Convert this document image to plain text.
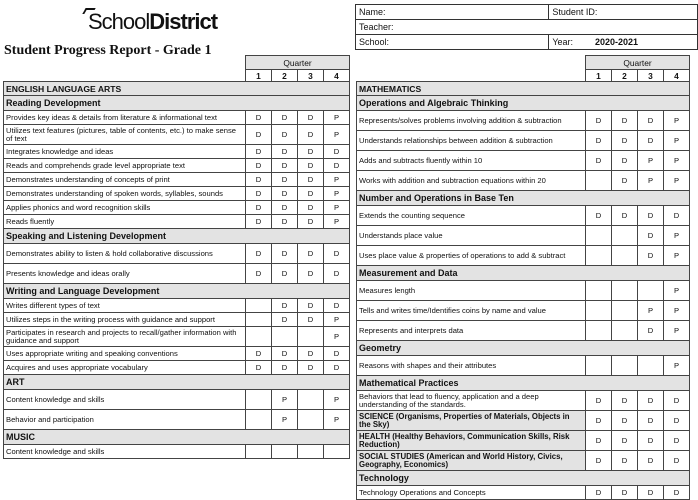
SchoolDistrict
Student Progress Report - Grade 1
Name:	Student ID:
Teacher:	
School:	Year: 2020-2021
	Quarter			
	1	2	3	4
ENGLISH LANGUAGE ARTS				
Reading Development				
Provides key ideas & details from literature & informational text	D	D	D	P
Utilizes text features (pictures, table of contents, etc.) to make sense of text	D	D	D	P
Integrates knowledge and ideas	D	D	D	D
Reads and comprehends grade level appropriate text	D	D	D	D
Demonstrates understanding of concepts of print	D	D	D	P
Demonstrates understanding of spoken words, syllables, sounds	D	D	D	P
Applies phonics and word recognition skills	D	D	D	P
Reads fluently	D	D	D	P
Speaking and Listening Development				
Demonstrates ability to listen & hold collaborative discussions	D	D	D	D
Presents knowledge and ideas orally	D	D	D	D
Writing and Language Development				
Writes different types of text		D	D	D
Utilizes steps in the writing process with guidance and support		D	D	P
Participates in research and projects to recall/gather information with guidance and support				P
Uses appropriate writing and speaking conventions	D	D	D	D
Acquires and uses appropriate vocabulary	D	D	D	D
ART				
Content knowledge and skills		P		P
Behavior and participation		P		P
MUSIC				
Content knowledge and skills				
	Quarter			
	1	2	3	4
MATHEMATICS				
Operations and Algebraic Thinking				
Represents/solves problems involving addition & subtraction	D	D	D	P
Understands relationships between addition & subtraction	D	D	D	P
Adds and subtracts fluently within 10	D	D	P	P
Works with addition and subtraction equations within 20		D	P	P
Number and Operations in Base Ten				
Extends the counting sequence	D	D	D	D
Understands place value			D	P
Uses place value & properties of operations to add & subtract			D	P
Measurement and Data				
Measures length				P
Tells and writes time/Identifies coins by name and value			P	P
Represents and interprets data			D	P
Geometry				
Reasons with shapes and their attributes				P
Mathematical Practices				
Behaviors that lead to fluency, application and a deep understanding of the standards.	D	D	D	D
SCIENCE (Organisms, Properties of Materials, Objects in the Sky)	D	D	D	D
HEALTH (Healthy Behaviors, Communication Skills, Risk Reduction)	D	D	D	D
SOCIAL STUDIES (American and World History, Civics, Geography, Economics)	D	D	D	D
Technology				
Technology Operations and Concepts	D	D	D	D
